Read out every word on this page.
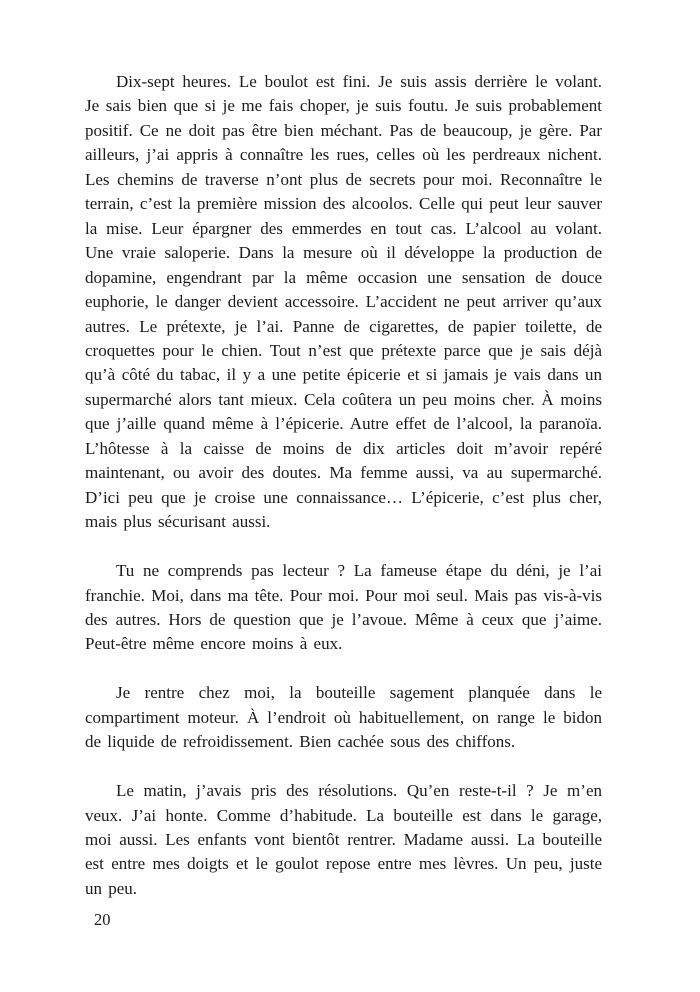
Dix-sept heures. Le boulot est fini. Je suis assis derrière le volant. Je sais bien que si je me fais choper, je suis foutu. Je suis probablement positif. Ce ne doit pas être bien méchant. Pas de beaucoup, je gère. Par ailleurs, j’ai appris à connaître les rues, celles où les perdreaux nichent. Les chemins de traverse n’ont plus de secrets pour moi. Reconnaître le terrain, c’est la première mission des alcoolos. Celle qui peut leur sauver la mise. Leur épargner des emmerdes en tout cas. L’alcool au volant. Une vraie saloperie. Dans la mesure où il développe la production de dopamine, engendrant par la même occasion une sensation de douce euphorie, le danger devient accessoire. L’accident ne peut arriver qu’aux autres. Le prétexte, je l’ai. Panne de cigarettes, de papier toilette, de croquettes pour le chien. Tout n’est que prétexte parce que je sais déjà qu’à côté du tabac, il y a une petite épicerie et si jamais je vais dans un supermarché alors tant mieux. Cela coûtera un peu moins cher. À moins que j’aille quand même à l’épicerie. Autre effet de l’alcool, la paranoïa. L’hôtesse à la caisse de moins de dix articles doit m’avoir repéré maintenant, ou avoir des doutes. Ma femme aussi, va au supermarché. D’ici peu que je croise une connaissance… L’épicerie, c’est plus cher, mais plus sécurisant aussi.

Tu ne comprends pas lecteur ? La fameuse étape du déni, je l’ai franchie. Moi, dans ma tête. Pour moi. Pour moi seul. Mais pas vis-à-vis des autres. Hors de question que je l’avoue. Même à ceux que j’aime. Peut-être même encore moins à eux.

Je rentre chez moi, la bouteille sagement planquée dans le compartiment moteur. À l’endroit où habituellement, on range le bidon de liquide de refroidissement. Bien cachée sous des chiffons.

Le matin, j’avais pris des résolutions. Qu’en reste-t-il ? Je m’en veux. J’ai honte. Comme d’habitude. La bouteille est dans le garage, moi aussi. Les enfants vont bientôt rentrer. Madame aussi. La bouteille est entre mes doigts et le goulot repose entre mes lèvres. Un peu, juste un peu.

20
